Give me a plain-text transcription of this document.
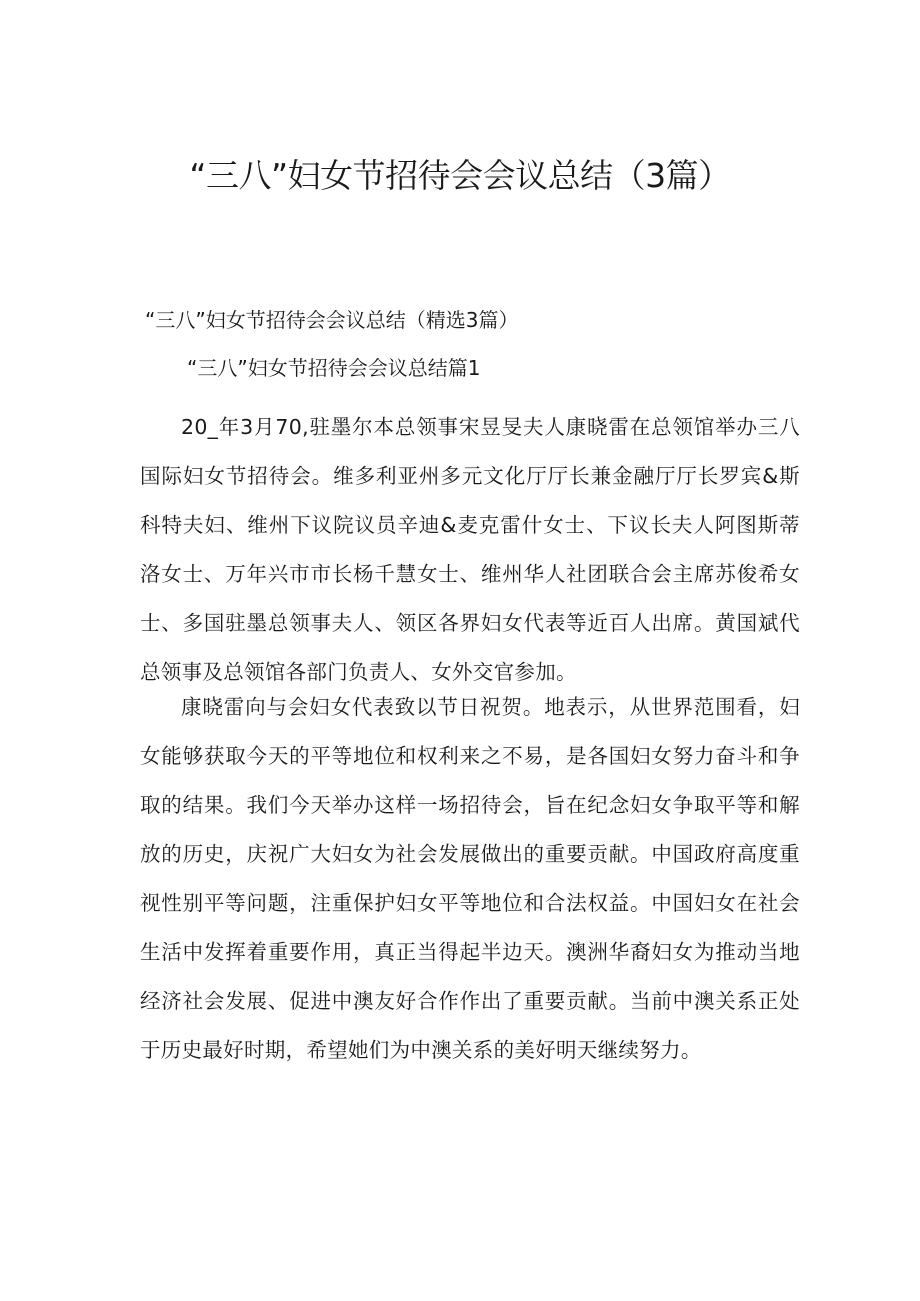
“三八”妇女节招待会会议总结（3篇）

“三八”妇女节招待会会议总结（精选3篇）

“三八”妇女节招待会会议总结篇1

20_年3月70,驻墨尔本总领事宋昱旻夫人康晓雷在总领馆举办三八国际妇女节招待会。维多利亚州多元文化厅厅长兼金融厅厅长罗宾&斯科特夫妇、维州下议院议员辛迪&麦克雷什女士、下议长夫人阿图斯蒂洛女士、万年兴市市长杨千慧女士、维州华人社团联合会主席苏俊希女士、多国驻墨总领事夫人、领区各界妇女代表等近百人出席。黄国斌代总领事及总领馆各部门负责人、女外交官参加。

康晓雷向与会妇女代表致以节日祝贺。地表示，从世界范围看，妇女能够获取今天的平等地位和权利来之不易，是各国妇女努力奋斗和争取的结果。我们今天举办这样一场招待会，旨在纪念妇女争取平等和解放的历史，庆祝广大妇女为社会发展做出的重要贡献。中国政府高度重视性别平等问题，注重保护妇女平等地位和合法权益。中国妇女在社会生活中发挥着重要作用，真正当得起半边天。澳洲华裔妇女为推动当地经济社会发展、促进中澳友好合作作出了重要贡献。当前中澳关系正处于历史最好时期，希望她们为中澳关系的美好明天继续努力。
